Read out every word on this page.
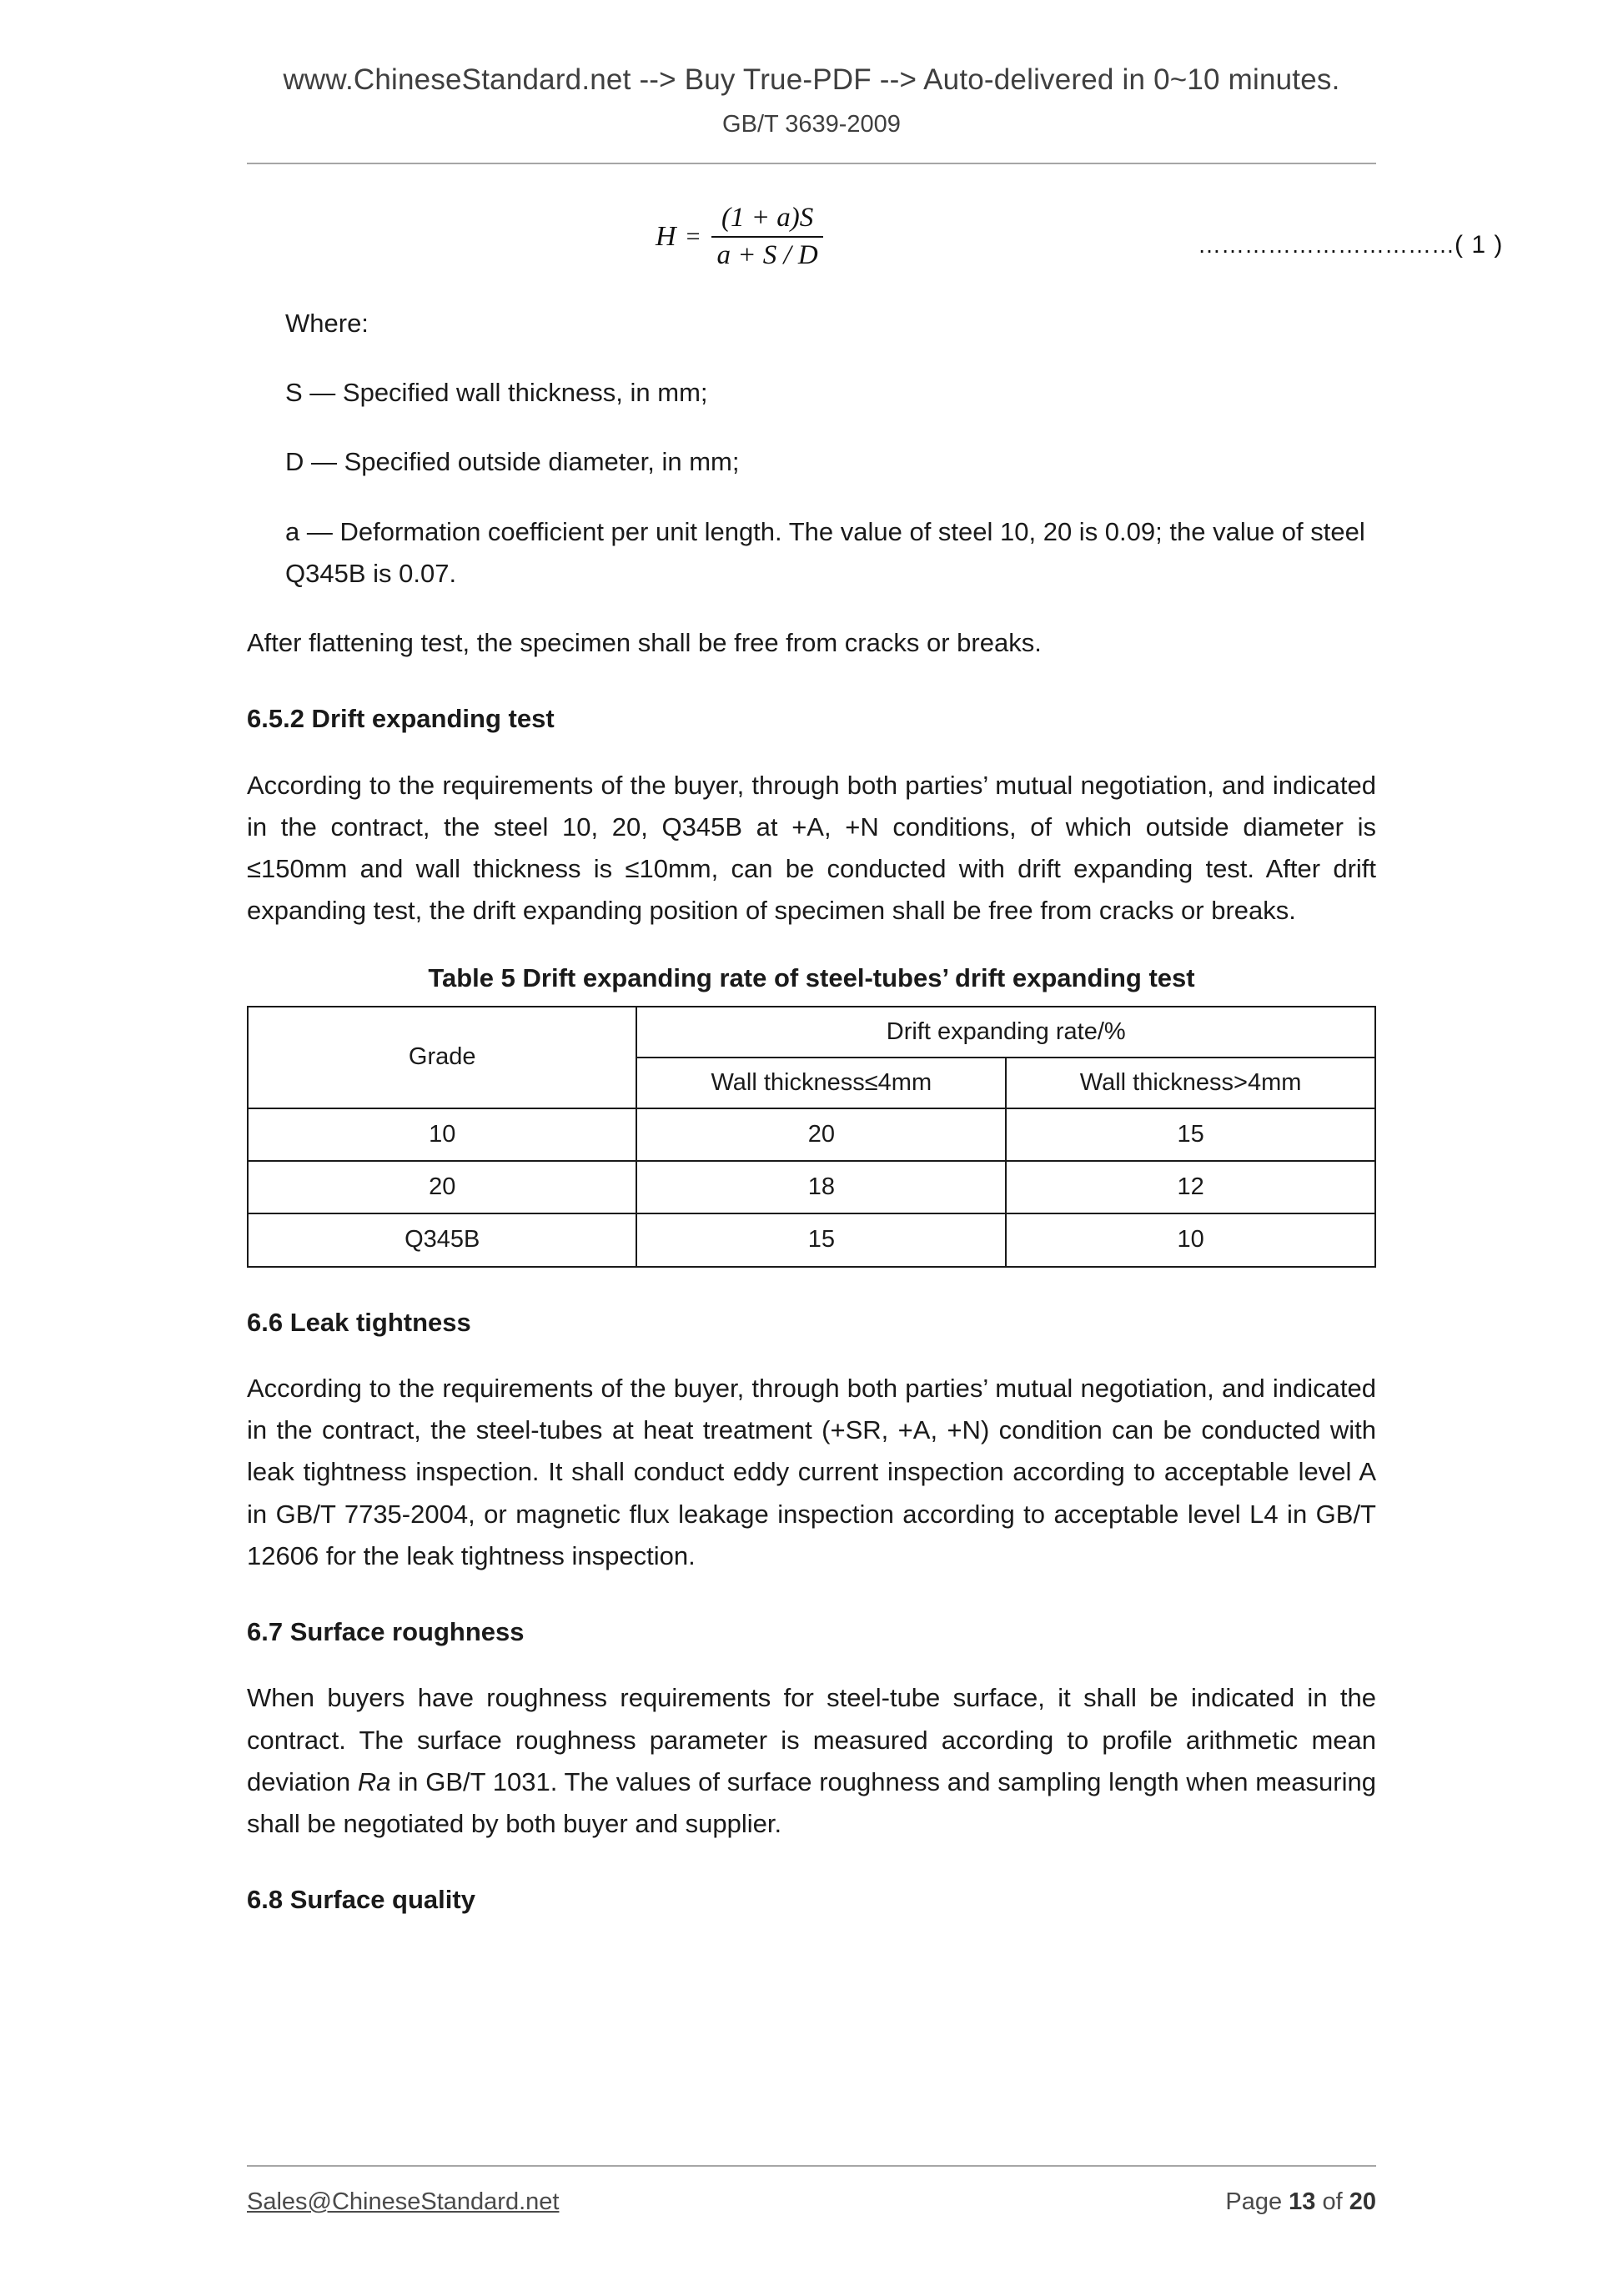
www.ChineseStandard.net --> Buy True-PDF --> Auto-delivered in 0~10 minutes.
GB/T 3639-2009
$H = \frac{(1 + a)S}{a + S / D}$	……………………………( 1 )
Where:
S — Specified wall thickness, in mm;
D — Specified outside diameter, in mm;
a — Deformation coefficient per unit length. The value of steel 10, 20 is 0.09; the value of steel Q345B is 0.07.

After flattening test, the specimen shall be free from cracks or breaks.

6.5.2 Drift expanding test

According to the requirements of the buyer, through both parties’ mutual negotiation, and indicated in the contract, the steel 10, 20, Q345B at +A, +N conditions, of which outside diameter is ≤150mm and wall thickness is ≤10mm, can be conducted with drift expanding test. After drift expanding test, the drift expanding position of specimen shall be free from cracks or breaks.

Table 5 Drift expanding rate of steel-tubes’ drift expanding test
Grade	Drift expanding rate/%	
	Wall thickness≤4mm	Wall thickness>4mm
10	20	15
20	18	12
Q345B	15	10
6.6 Leak tightness

According to the requirements of the buyer, through both parties’ mutual negotiation, and indicated in the contract, the steel-tubes at heat treatment (+SR, +A, +N) condition can be conducted with leak tightness inspection. It shall conduct eddy current inspection according to acceptable level A in GB/T 7735-2004, or magnetic flux leakage inspection according to acceptable level L4 in GB/T 12606 for the leak tightness inspection.

6.7 Surface roughness

When buyers have roughness requirements for steel-tube surface, it shall be indicated in the contract. The surface roughness parameter is measured according to profile arithmetic mean deviation Ra in GB/T 1031. The values of surface roughness and sampling length when measuring shall be negotiated by both buyer and supplier.

6.8 Surface quality
Sales@ChineseStandard.net	Page 13 of 20
